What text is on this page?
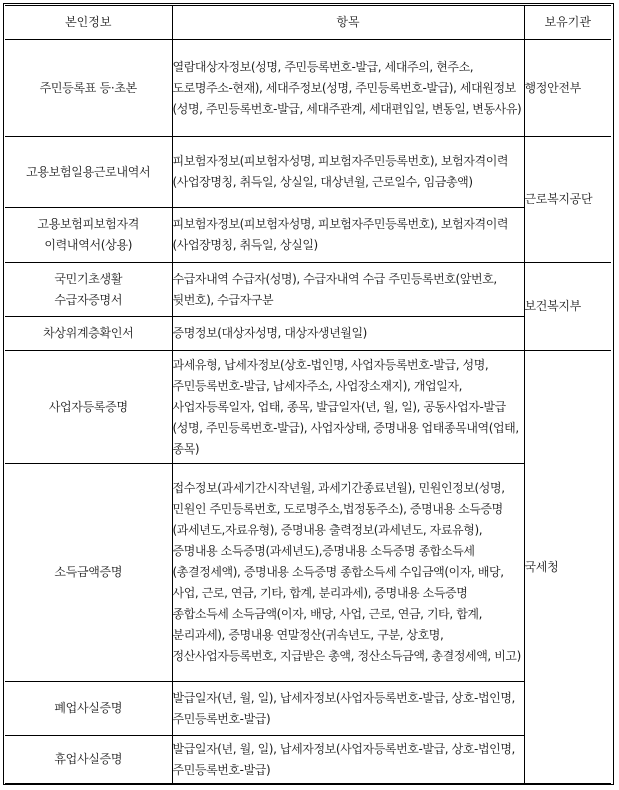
본인정보	항목	보유기관

주민등록표 등·초본	열람대상자정보(성명, 주민등록번호-발급, 세대주의, 현주소, 도로명주소-현재), 세대주정보(성명, 주민등록번호-발급), 세대원정보(성명, 주민등록번호-발급, 세대주관계, 세대편입일, 변동일, 변동사유)	행정안전부

고용보험일용근로내역서	피보험자정보(피보험자성명, 피보험자주민등록번호), 보험자격이력(사업장명칭, 취득일, 상실일, 대상년월, 근로일수, 임금총액)	근로복지공단

고용보험피보험자격
이력내역서(상용)	피보험자정보(피보험자성명, 피보험자주민등록번호), 보험자격이력(사업장명칭, 취득일, 상실일)	

국민기초생활
수급자증명서	수급자내역 수급자(성명), 수급자내역 수급 주민등록번호(앞번호, 뒷번호), 수급자구분	보건복지부

차상위계층확인서	증명정보(대상자성명, 대상자생년월일)	

사업자등록증명	과세유형, 납세자정보(상호-법인명, 사업자등록번호-발급, 성명, 주민등록번호-발급, 납세자주소, 사업장소재지), 개업일자, 사업자등록일자, 업태, 종목, 발급일자(년, 월, 일), 공동사업자-발급(성명, 주민등록번호-발급), 사업자상태, 증명내용 업태종목내역(업태, 종목)	국세청

소득금액증명	접수정보(과세기간시작년월, 과세기간종료년월), 민원인정보(성명, 민원인 주민등록번호, 도로명주소,법정동주소), 증명내용 소득증명(과세년도,자료유형), 증명내용 출력정보(과세년도, 자료유형),증명내용 소득증명(과세년도),증명내용 소득증명 종합소득세(총결정세액), 증명내용 소득증명 종합소득세 수입금액(이자, 배당, 사업, 근로, 연금, 기타, 합계, 분리과세), 증명내용 소득증명 종합소득세 소득금액(이자, 배당, 사업, 근로, 연금, 기타, 합계, 분리과세), 증명내용 연말정산(귀속년도, 구분, 상호명, 정산사업자등록번호, 지급받은 총액, 정산소득금액, 총결정세액, 비고)	

폐업사실증명	발급일자(년, 월, 일), 납세자정보(사업자등록번호-발급, 상호-법인명, 주민등록번호-발급)	

휴업사실증명	발급일자(년, 월, 일), 납세자정보(사업자등록번호-발급, 상호-법인명, 주민등록번호-발급)	
